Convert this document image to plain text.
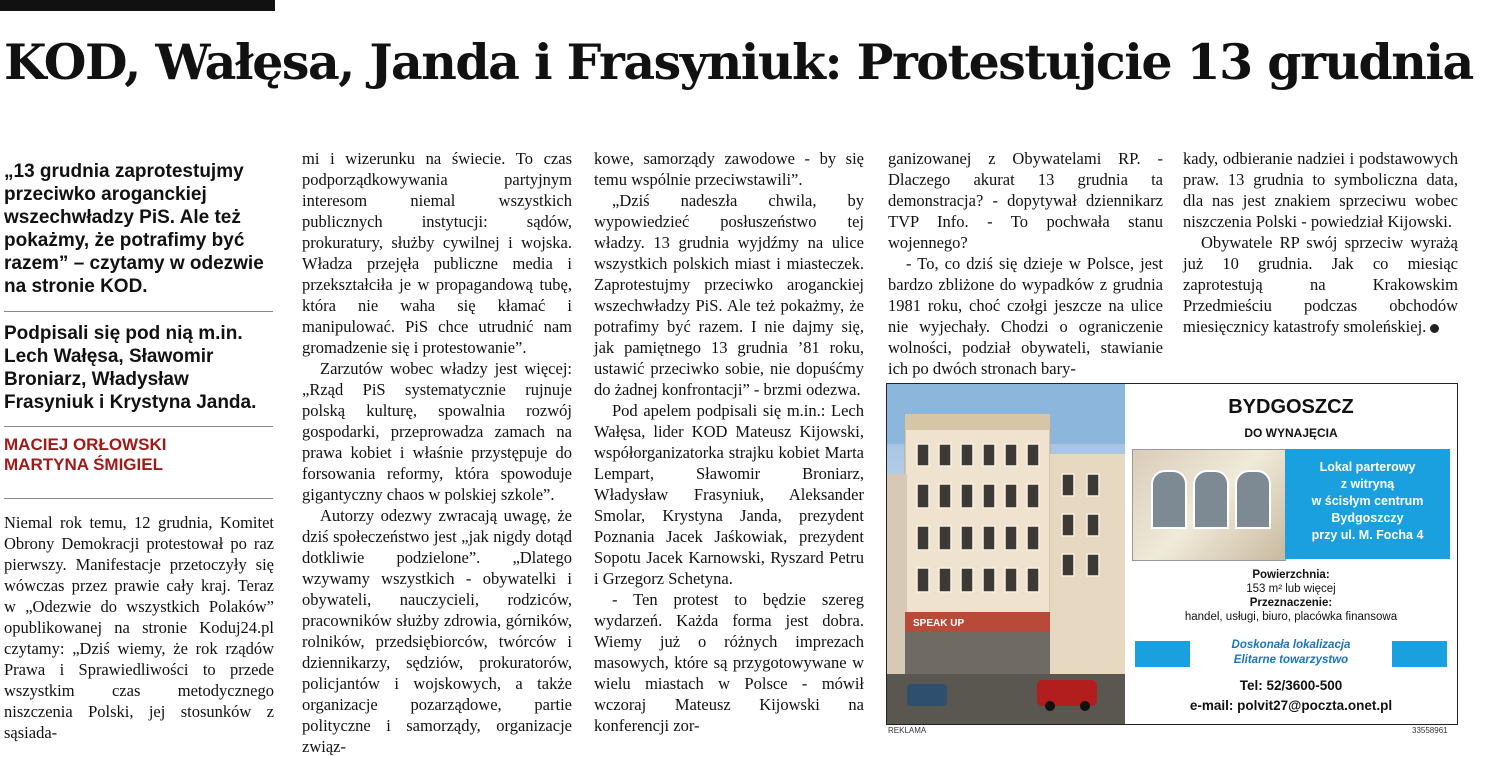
KOD, Wałęsa, Janda i Frasyniuk: Protestujcie 13 grudnia

„13 grudnia zaprotestujmy przeciwko aroganckiej wszechwładzy PiS. Ale też pokażmy, że potrafimy być razem” – czytamy w odezwie na stronie KOD.

Podpisali się pod nią m.in. Lech Wałęsa, Sławomir Broniarz, Władysław Frasyniuk i Krystyna Janda.

MACIEJ ORŁOWSKI

MARTYNA ŚMIGIEL

Niemal rok temu, 12 grudnia, Komitet Obrony Demokracji protestował po raz pierwszy. Manifestacje przetoczyły się wówczas przez prawie cały kraj. Teraz w „Odezwie do wszystkich Polaków” opublikowanej na stronie Koduj24.pl czytamy: „Dziś wiemy, że rok rządów Prawa i Sprawiedliwości to przede wszystkim czas metodycznego niszczenia Polski, jej stosunków z sąsiada-

mi i wizerunku na świecie. To czas podporządkowywania partyjnym interesom niemal wszystkich publicznych instytucji: sądów, prokuratury, służby cywilnej i wojska. Władza przejęła publiczne media i przekształciła je w propagandową tubę, która nie waha się kłamać i manipulować. PiS chce utrudnić nam gromadzenie się i protestowanie”.

Zarzutów wobec władzy jest więcej: „Rząd PiS systematycznie rujnuje polską kulturę, spowalnia rozwój gospodarki, przeprowadza zamach na prawa kobiet i właśnie przystępuje do forsowania reformy, która spowoduje gigantyczny chaos w polskiej szkole”.

Autorzy odezwy zwracają uwagę, że dziś społeczeństwo jest „jak nigdy dotąd dotkliwie podzielone”. „Dlatego wzywamy wszystkich - obywatelki i obywateli, nauczycieli, rodziców, pracowników służby zdrowia, górników, rolników, przedsiębiorców, twórców i dziennikarzy, sędziów, prokuratorów, policjantów i wojskowych, a także organizacje pozarządowe, partie polityczne i samorządy, organizacje związ-

kowe, samorządy zawodowe - by się temu wspólnie przeciwstawili”.

„Dziś nadeszła chwila, by wypowiedzieć posłuszeństwo tej władzy. 13 grudnia wyjdźmy na ulice wszystkich polskich miast i miasteczek. Zaprotestujmy przeciwko aroganckiej wszechwładzy PiS. Ale też pokażmy, że potrafimy być razem. I nie dajmy się, jak pamiętnego 13 grudnia ’81 roku, ustawić przeciwko sobie, nie dopuśćmy do żadnej konfrontacji” - brzmi odezwa.

Pod apelem podpisali się m.in.: Lech Wałęsa, lider KOD Mateusz Kijowski, współorganizatorka strajku kobiet Marta Lempart, Sławomir Broniarz, Władysław Frasyniuk, Aleksander Smolar, Krystyna Janda, prezydent Poznania Jacek Jaśkowiak, prezydent Sopotu Jacek Karnowski, Ryszard Petru i Grzegorz Schetyna.

- Ten protest to będzie szereg wydarzeń. Każda forma jest dobra. Wiemy już o różnych imprezach masowych, które są przygotowywane w wielu miastach w Polsce - mówił wczoraj Mateusz Kijowski na konferencji zor-

ganizowanej z Obywatelami RP. - Dlaczego akurat 13 grudnia ta demonstracja? - dopytywał dziennikarz TVP Info. - To pochwała stanu wojennego?

- To, co dziś się dzieje w Polsce, jest bardzo zbliżone do wypadków z grudnia 1981 roku, choć czołgi jeszcze na ulice nie wyjechały. Chodzi o ograniczenie wolności, podział obywateli, stawianie ich po dwóch stronach bary-

kady, odbieranie nadziei i podstawowych praw. 13 grudnia to symboliczna data, dla nas jest znakiem sprzeciwu wobec niszczenia Polski - powiedział Kijowski.

Obywatele RP swój sprzeciw wyrażą już 10 grudnia. Jak co miesiąc zaprotestują na Krakowskim Przedmieściu podczas obchodów miesięcznicy katastrofy smoleńskiej.

SPEAK UP
BYDGOSZCZ
DO WYNAJĘCIA
Lokal parterowy
z witryną
w ścisłym centrum
Bydgoszczy
przy ul. M. Focha 4
Powierzchnia:
153 m² lub więcej
Przeznaczenie:
handel, usługi, biuro, placówka finansowa
Doskonała lokalizacja
Elitarne towarzystwo
Tel: 52/3600-500
e-mail: polvit27@poczta.onet.pl
REKLAMA	33558961
